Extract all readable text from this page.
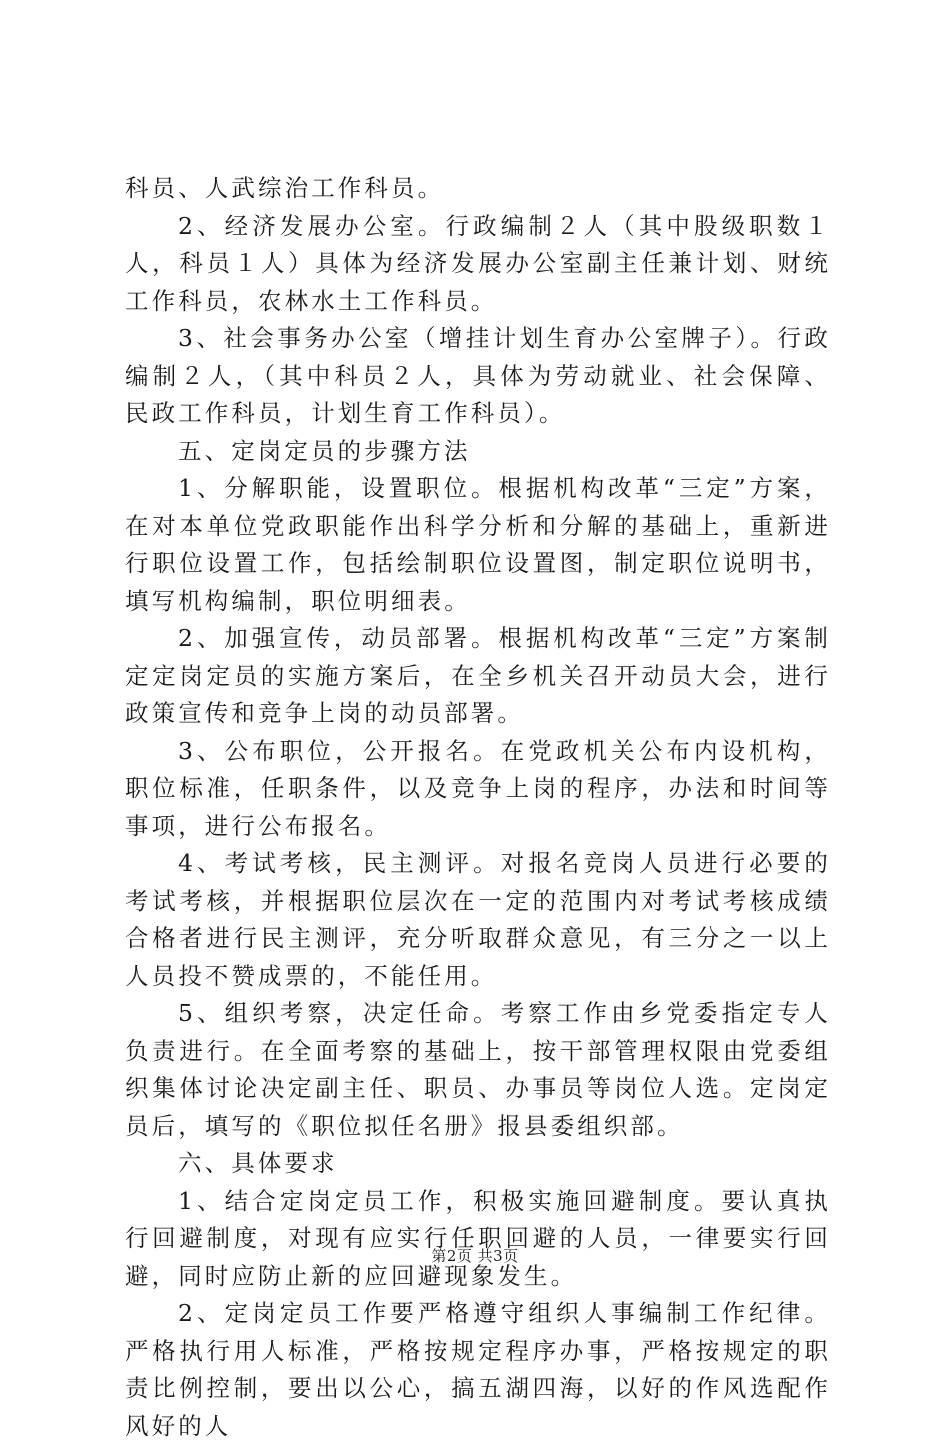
科员、人武综治工作科员。

2、经济发展办公室。行政编制２人（其中股级职数１人，科员１人）具体为经济发展办公室副主任兼计划、财统工作科员，农林水土工作科员。

3、社会事务办公室（增挂计划生育办公室牌子）。行政编制２人，（其中科员２人，具体为劳动就业、社会保障、民政工作科员，计划生育工作科员）。

五、定岗定员的步骤方法

1、分解职能，设置职位。根据机构改革“三定”方案，在对本单位党政职能作出科学分析和分解的基础上，重新进行职位设置工作，包括绘制职位设置图，制定职位说明书，填写机构编制，职位明细表。

2、加强宣传，动员部署。根据机构改革“三定”方案制定定岗定员的实施方案后，在全乡机关召开动员大会，进行政策宣传和竞争上岗的动员部署。

3、公布职位，公开报名。在党政机关公布内设机构，职位标准，任职条件，以及竞争上岗的程序，办法和时间等事项，进行公布报名。

4、考试考核，民主测评。对报名竞岗人员进行必要的考试考核，并根据职位层次在一定的范围内对考试考核成绩合格者进行民主测评，充分听取群众意见，有三分之一以上人员投不赞成票的，不能任用。

5、组织考察，决定任命。考察工作由乡党委指定专人负责进行。在全面考察的基础上，按干部管理权限由党委组织集体讨论决定副主任、职员、办事员等岗位人选。定岗定员后，填写的《职位拟任名册》报县委组织部。

六、具体要求

1、结合定岗定员工作，积极实施回避制度。要认真执行回避制度，对现有应实行任职回避的人员，一律要实行回避，同时应防止新的应回避现象发生。

2、定岗定员工作要严格遵守组织人事编制工作纪律。严格执行用人标准，严格按规定程序办事，严格按规定的职责比例控制，要出以公心，搞五湖四海，以好的作风选配作风好的人

第2页 共3页
